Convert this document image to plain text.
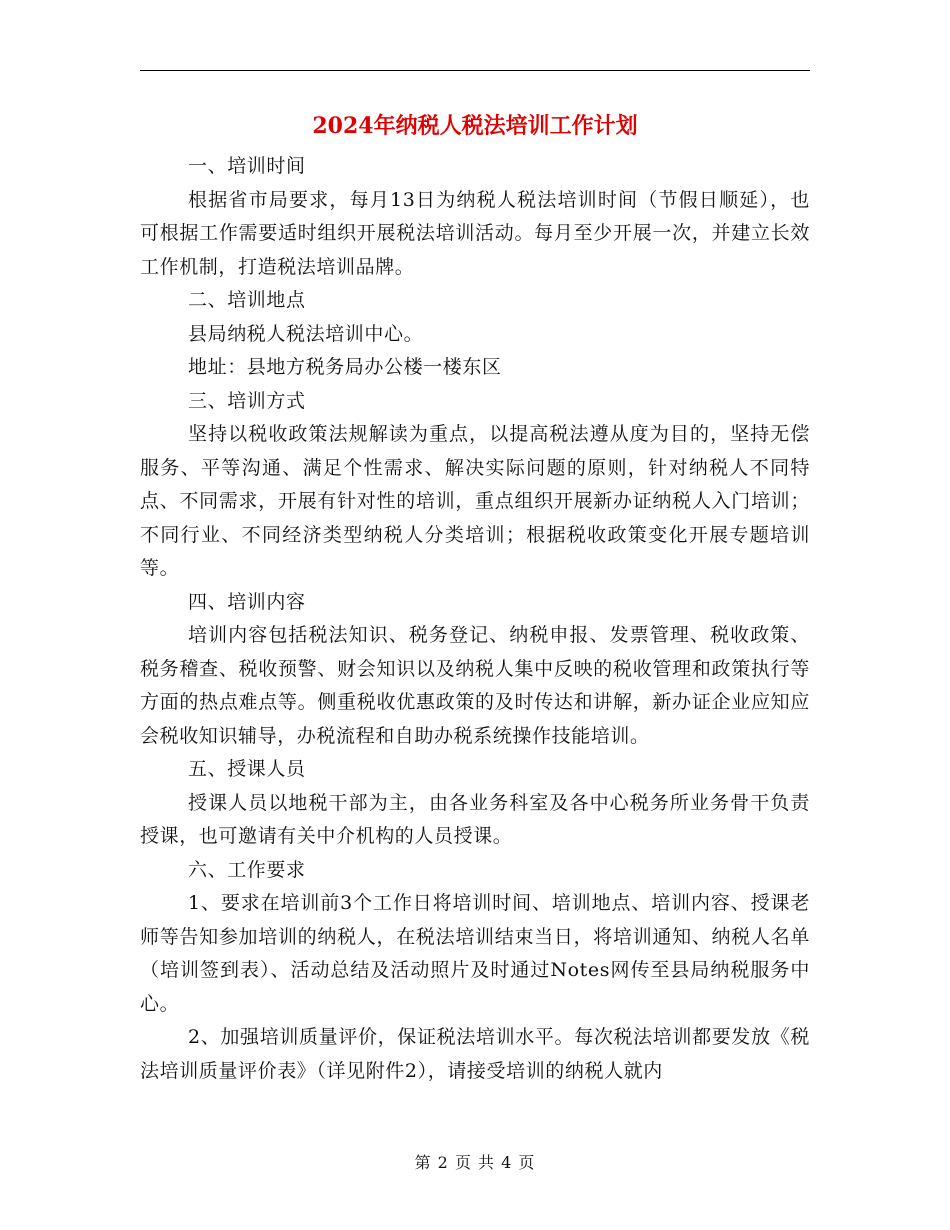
2024年纳税人税法培训工作计划

一、培训时间

根据省市局要求，每月13日为纳税人税法培训时间（节假日顺延），也可根据工作需要适时组织开展税法培训活动。每月至少开展一次，并建立长效工作机制，打造税法培训品牌。

二、培训地点

县局纳税人税法培训中心。

地址：县地方税务局办公楼一楼东区

三、培训方式

坚持以税收政策法规解读为重点，以提高税法遵从度为目的，坚持无偿服务、平等沟通、满足个性需求、解决实际问题的原则，针对纳税人不同特点、不同需求，开展有针对性的培训，重点组织开展新办证纳税人入门培训；不同行业、不同经济类型纳税人分类培训；根据税收政策变化开展专题培训等。

四、培训内容

培训内容包括税法知识、税务登记、纳税申报、发票管理、税收政策、税务稽查、税收预警、财会知识以及纳税人集中反映的税收管理和政策执行等方面的热点难点等。侧重税收优惠政策的及时传达和讲解，新办证企业应知应会税收知识辅导，办税流程和自助办税系统操作技能培训。

五、授课人员

授课人员以地税干部为主，由各业务科室及各中心税务所业务骨干负责授课，也可邀请有关中介机构的人员授课。

六、工作要求

1、要求在培训前3个工作日将培训时间、培训地点、培训内容、授课老师等告知参加培训的纳税人，在税法培训结束当日，将培训通知、纳税人名单（培训签到表）、活动总结及活动照片及时通过Notes网传至县局纳税服务中心。

2、加强培训质量评价，保证税法培训水平。每次税法培训都要发放《税法培训质量评价表》（详见附件2），请接受培训的纳税人就内

第 2 页 共 4 页
